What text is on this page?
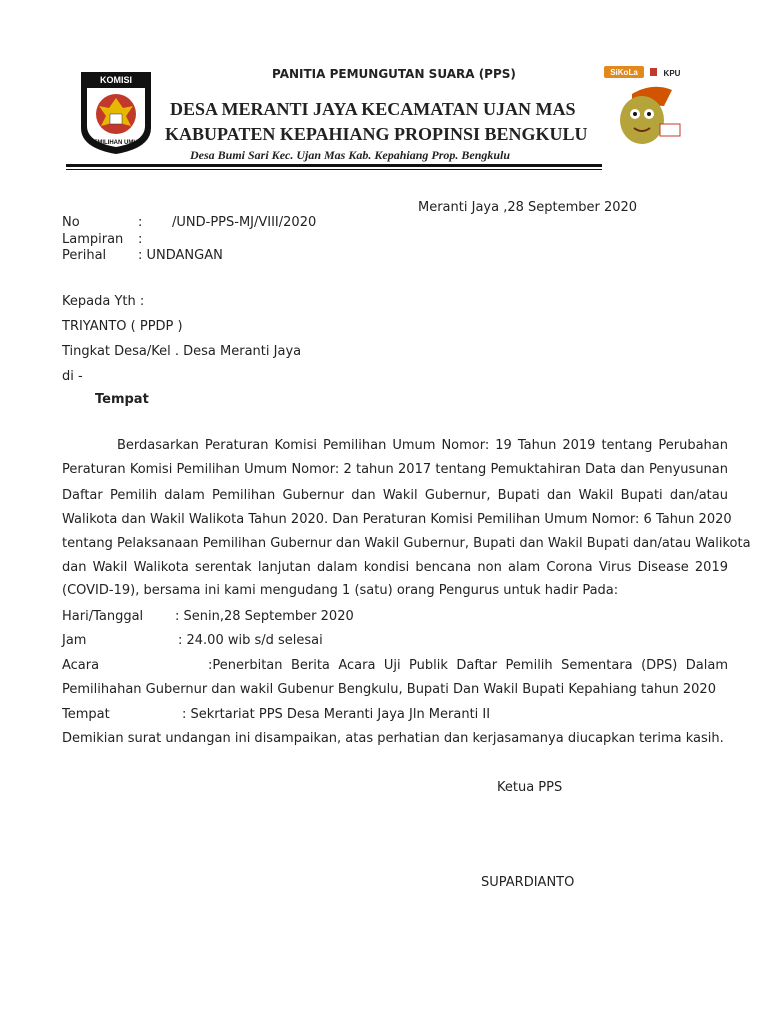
KOMISI
PEMILIHAN UMUM
PANITIA PEMUNGUTAN SUARA (PPS)
DESA MERANTI JAYA KECAMATAN UJAN MAS
KABUPATEN KEPAHIANG PROPINSI BENGKULU
Desa Bumi Sari Kec. Ujan Mas Kab. Kepahiang Prop. Bengkulu
SiKoLa	KPU
Meranti Jaya ,28 September 2020
No	: /UND-PPS-MJ/VIII/2020
Lampiran :
Perihal : UNDANGAN
Kepada Yth :
TRIYANTO ( PPDP )
Tingkat Desa/Kel . Desa Meranti Jaya
di -
Tempat
Berdasarkan Peraturan Komisi Pemilihan Umum Nomor: 19 Tahun 2019 tentang Perubahan
Peraturan Komisi Pemilihan Umum Nomor: 2 tahun 2017 tentang Pemuktahiran Data dan Penyusunan
Daftar Pemilih dalam Pemilihan Gubernur dan Wakil Gubernur, Bupati dan Wakil Bupati dan/atau
Walikota dan Wakil Walikota Tahun 2020. Dan Peraturan Komisi Pemilihan Umum Nomor: 6 Tahun 2020
tentang Pelaksanaan Pemilihan Gubernur dan Wakil Gubernur, Bupati dan Wakil Bupati dan/atau Walikota
dan Wakil Walikota serentak lanjutan dalam kondisi bencana non alam Corona Virus Disease 2019
(COVID-19), bersama ini kami mengudang 1 (satu) orang Pengurus untuk hadir Pada:
Hari/Tanggal : Senin,28 September 2020
Jam	: 24.00 wib s/d selesai
Acara	:Penerbitan Berita Acara Uji Publik Daftar Pemilih Sementara (DPS) Dalam
Pemilihahan Gubernur dan wakil Gubenur Bengkulu, Bupati Dan Wakil Bupati Kepahiang tahun 2020
Tempat	: Sekrtariat PPS Desa Meranti Jaya Jln Meranti II
Demikian surat undangan ini disampaikan, atas perhatian dan kerjasamanya diucapkan terima kasih.
Ketua PPS
SUPARDIANTO
